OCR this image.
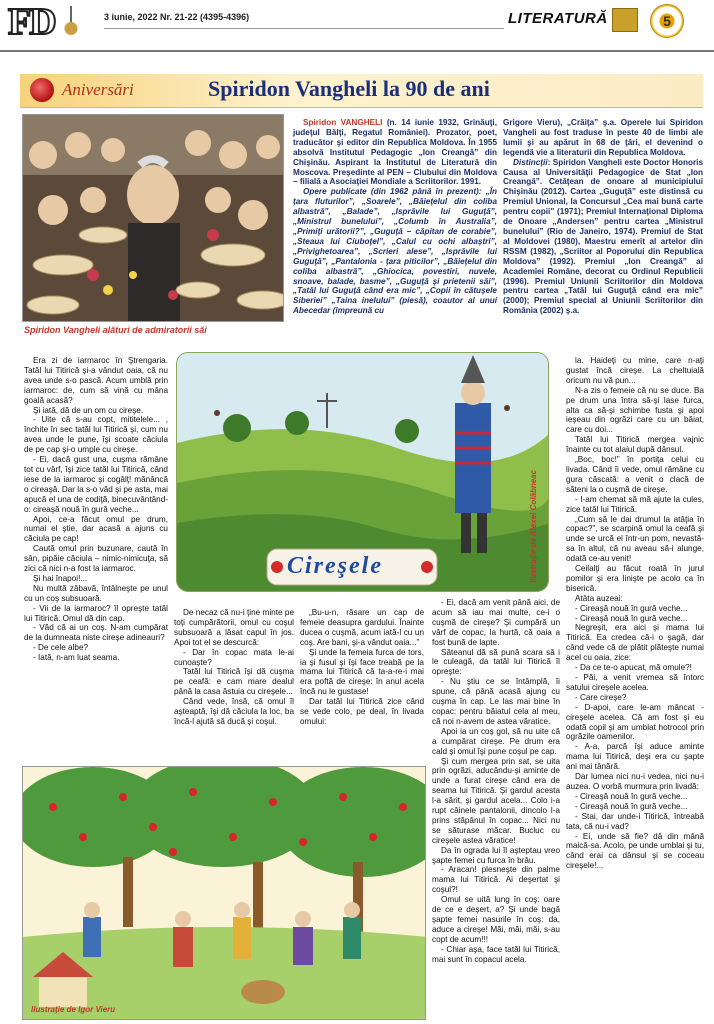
FD	3 iunie, 2022 Nr. 21-22 (4395-4396)	LITERATURĂ	5
Aniversări	Spiridon Vangheli la 90 de ani
Spiridon Vangheli alături de admiratorii săi

Spiridon VANGHELI (n. 14 iunie 1932, Grinăuţi, judeţul Bălţi, Regatul României). Prozator, poet, traducător şi editor din Republica Moldova. În 1955 absolvă Institutul Pedagogic „Ion Creangă” din Chişinău. Aspirant la Institutul de Literatură din Moscova. Preşedinte al PEN – Clubului din Moldova – filială a Asociaţiei Mondiale a Scriitorilor. 1991.

Opere publicate (din 1962 până în prezent): „În ţara fluturilor”, „Soarele”, „Băieţelul din coliba albastră”, „Balade”, „Isprăvile lui Guguţă”, „Ministrul bunelului”, „Columb în Australia”, „Primiţi urătorii?”, „Guguţă – căpitan de corabie”, „Steaua lui Ciuboţel”, „Calul cu ochi albaştri”, „Privighetoarea”, „Scrieri alese”, „Isprăvile lui Guguţă”, „Pantalonia - ţara piticilor”, „Băieţelul din coliba albastră”, „Ghiocica, povestiri, nuvele, snoave, balade, basme”, „Guguţă şi prietenii săi”, „Tatăl lui Guguţă când era mic”, „Copii în cătuşele Siberiei” „Taina inelului” (piesă), coautor al unui Abecedar (împreună cu

Grigore Vieru), „Crăiţa” ş.a. Operele lui Spiridon Vangheli au fost traduse în peste 40 de limbi ale lumii şi au apărut în 68 de ţări, el devenind o legendă vie a literaturii din Republica Moldova.

Distincţii: Spiridon Vangheli este Doctor Honoris Causa al Universităţii Pedagogice de Stat „Ion Creangă”. Cetăţean de onoare al municipiului Chişinău (2012). Cartea „Guguţă” este distinsă cu Premiul Unional, la Concursul „Cea mai bună carte pentru copii” (1971); Premiul Internaţional Diploma de Onoare „Andersen” pentru cartea „Ministrul bunelului” (Rio de Janeiro, 1974). Premiul de Stat al Moldovei (1980), Maestru emerit al artelor din RSSM (1982), „Scriitor al Poporului din Republica Moldova” (1992). Premiul „Ion Creangă” al Academiei Române, decorat cu Ordinul Republicii (1996). Premiul Uniunii Scriitorilor din Moldova pentru cartea „Tatăl lui Guguţă când era mic” (2000); Premiul special al Uniunii Scriitorilor din România (2002) ş.a.

Era zi de iarmaroc în Ştrengaria. Tatăl lui Titirică şi-a vândut oaia, că nu avea unde s-o pască. Acum umblă prin iarmaroc: de, cum să vină cu mâna goală acasă?

Şi iată, dă de un om cu cireşe.

- Uite că s-au copt, mititelele... , închite în sec tatăl lui Titirică şi, cum nu avea unde le pune, îşi scoate căciula de pe cap şi-o umple cu cireşe.

- Ei, dacă gust una, cuşma rămâne tot cu vârf, îşi zice tatăl lui Titirică, când iese de la iarmaroc şi cogâlţ! mănâncă o cireaşă. Dar la s-o văd şi pe asta, mai apucă el una de codiţă, binecuvântând-o: cireaşă nouă în gură veche...

Apoi, ce-a făcut omul pe drum, numai el ştie, dar acasă a ajuns cu căciula pe cap!

Caută omul prin buzunare, caută în sân, pipăie căciula – nimic-nimicuţa, să zici că nici n-a fost la iarmaroc.

Şi hai înapoi!...

Nu multă zăbavă, întâlneşte pe unul cu un coş subsuoară.

- Vii de la iarmaroc? îl opreşte tatăl lui Titirică. Omul dă din cap.

- Văd că ai un coş. N-am cumpărat de la dumneata niste cireşe adineauri?

- De cele albe?

- Iată, n-am luat seama.

De necaz că nu-i ţine minte pe toţi cumpărătorii, omul cu coşul subsuoară a lăsat capul în jos. Apoi tot el se descurcă:

- Dar în copac mata le-ai cunoaşte?

Tatăl lui Titirică îşi dă cuşma pe ceafă: e cam mare dealul până la casa ăstuia cu cireşele...

Când vede, însă, că omul îl aşteaptă, îşi dă căciula la loc, ba încă-l ajută să ducă şi coşul.

„Bu-u-n, răsare un cap de femeie deasupra gardului. Înainte ducea o cuşmă, acum iată-l cu un coş. Are bani, şi-a vândut oaia...”

Şi unde la femeia furca de tors, ia şi fusul şi îşi face treabă pe la mama lui Titirică că ta-a-re-i mai era poftă de cireşe: în anul acela încă nu le gustase!

Dar tatăl lui Titirică zice când se vede colo, pe deal, în livada omului:

- Ei, dacă am venit până aici, de acum să iau mai multe, ce-i o cuşmă de cireşe? Şi cumpără un vârf de copac, la hurtă, că oaia a fost bună de lapte.

Săteanul dă să pună scara să i le culeagă, da tatăl lui Titirică îl opreşte:

- Nu ştiu ce se întâmplă, îi spune, că până acasă ajung cu cuşma în cap. Le las mai bine în copac: pentru băiatul cela al meu, că noi n-avem de astea văratice.

Apoi ia un coş gol, să nu uite că a cumpărat cireşe. Pe drum era cald şi omul îşi pune coşul pe cap.

Şi cum mergea prin sat, se uita prin ogrăzi, aducându-şi aminte de unde a furat cireşe când era de seama lui Titirică. Şi gardul acesta l-a sărit, şi gardul acela... Colo i-a rupt câinele pantalonii, dincolo l-a prins stăpânul în copac... Nici nu se săturase măcar. Bucluc cu cireşele astea văratice!

Da în ograda lui îl aşteptau vreo şapte femei cu furca în brâu.

- Aracan! plesneşte din palme mama lui Titirică. Ai deşertat şi coşul?!

Omul se uită lung în coş: oare de ce e deşert, a? Şi unde bagă şapte femei nasurile în coş: da, aduce a cireşe! Măi, măi, măi, s-au copt de acum!!!

- Chiar aşa, face tatăl lui Titirică, mai sunt în copacul acela.

la. Haideţi cu mine, care n-aţi gustat încă cireşe. La cheltuială oricum nu vă pun...

N-a zis o femeie că nu se duce. Ba pe drum una întra să-şi lase furca, alta ca să-şi schimbe fusta şi apoi ieşeau din ogrăzi care cu un băiat, care cu doi...

Tatăl lui Titirică mergea vajnic înainte cu tot alaiul după dânsul.

„Boc, boc!” în portiţa celui cu livada. Când îi vede, omul rămâne cu gura căscată: a venit o clacă de săteni la o cuşmă de cireşe.

- I-am chemat să mă ajute la cules, zice tatăl lui Titirică.

„Cum să le dai drumul la atâţia în copac?”, se scarpină omul la ceafă şi unde se urcă el într-un pom, nevastă-sa în altul, că nu aveau să-i alunge, odată ce-au venit!

Ceilalţi au făcut roată în jurul pomilor şi era linişte pe acolo ca în biserică.

Atâta auzeai:

- Cireaşă nouă în gură veche...

- Cireaşă nouă în gură veche...

Negreşit, era aici şi mama lui Titirică. Ea credea că-i o şagă, dar când vede că de plătit plăteşte numai acel cu oaia, zice:

- Da ce te-o apucat, mă omule?!

- Păi, a venit vremea să întorc satului cireşele acelea.

- Care cireşe?

- D-apoi, care le-am mâncat - cireşele acelea. Că am fost şi eu odată copil şi am umblat hotrocol prin ogrăzile oamenilor.

- A-a, parcă îşi aduce aminte mama lui Titirică, deşi era cu şapte ani mai tânără.

Dar lumea nici nu-i vedea, nici nu-i auzea. O vorbă murmura prin livadă:

- Cireaşă nouă în gură veche...

- Cireaşă nouă în gură veche...

- Stai, dar unde-i Titirică, întreabă tata, că nu-i vad?

- Ei, unde să fie? dă din mână maică-sa. Acolo, pe unde umblai şi tu, când erai ca dânsul şi se coceau cireşele!...

Cireşele	Ilustraţie de Alexei Colâbneac
Ilustraţie de Igor Vieru
